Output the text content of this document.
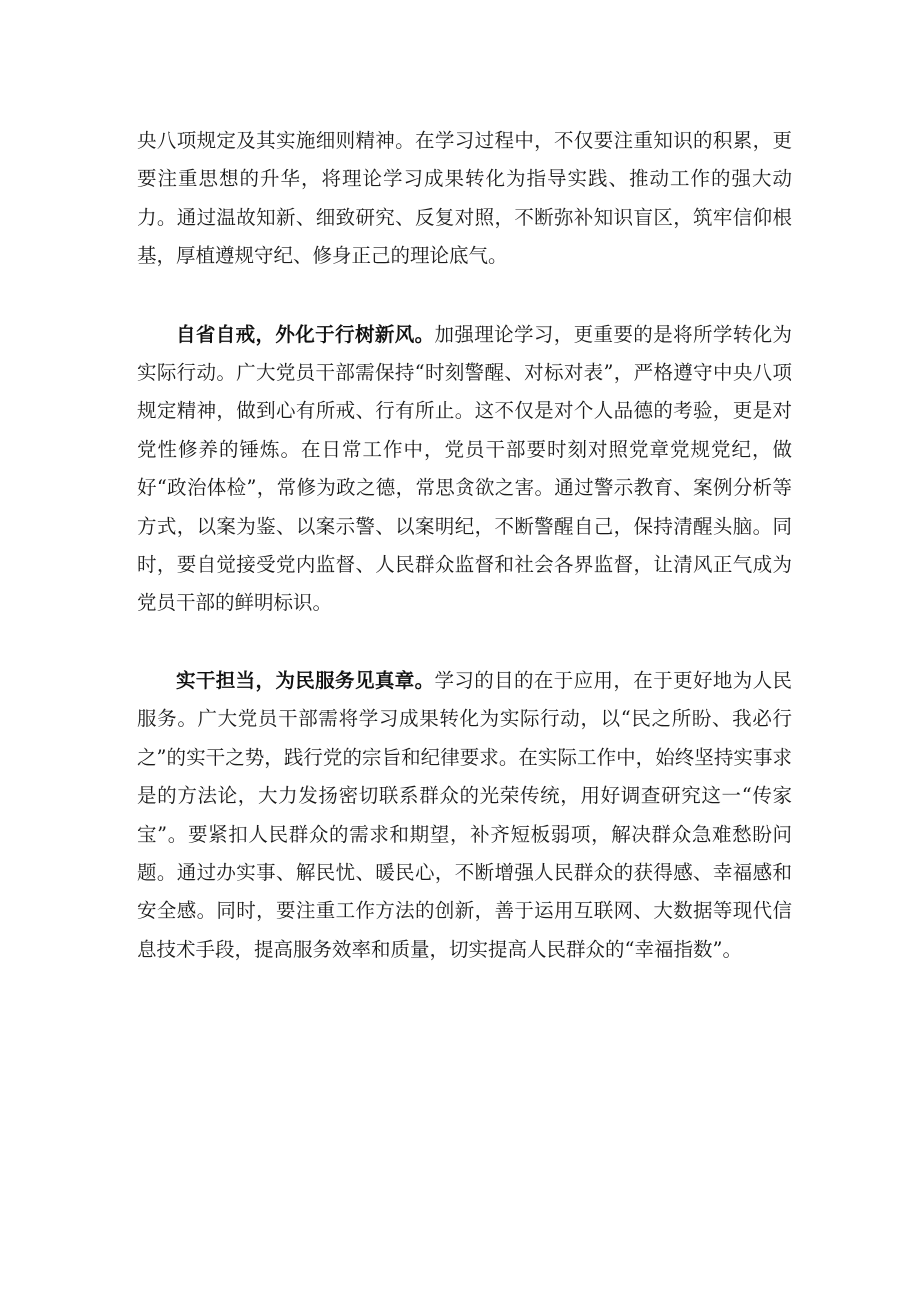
央八项规定及其实施细则精神。在学习过程中，不仅要注重知识的积累，更要注重思想的升华，将理论学习成果转化为指导实践、推动工作的强大动力。通过温故知新、细致研究、反复对照，不断弥补知识盲区，筑牢信仰根基，厚植遵规守纪、修身正己的理论底气。

自省自戒，外化于行树新风。加强理论学习，更重要的是将所学转化为实际行动。广大党员干部需保持“时刻警醒、对标对表”，严格遵守中央八项规定精神，做到心有所戒、行有所止。这不仅是对个人品德的考验，更是对党性修养的锤炼。在日常工作中，党员干部要时刻对照党章党规党纪，做好“政治体检”，常修为政之德，常思贪欲之害。通过警示教育、案例分析等方式，以案为鉴、以案示警、以案明纪，不断警醒自己，保持清醒头脑。同时，要自觉接受党内监督、人民群众监督和社会各界监督，让清风正气成为党员干部的鲜明标识。

实干担当，为民服务见真章。学习的目的在于应用，在于更好地为人民服务。广大党员干部需将学习成果转化为实际行动，以“民之所盼、我必行之”的实干之势，践行党的宗旨和纪律要求。在实际工作中，始终坚持实事求是的方法论，大力发扬密切联系群众的光荣传统，用好调查研究这一“传家宝”。要紧扣人民群众的需求和期望，补齐短板弱项，解决群众急难愁盼问题。通过办实事、解民忧、暖民心，不断增强人民群众的获得感、幸福感和安全感。同时，要注重工作方法的创新，善于运用互联网、大数据等现代信息技术手段，提高服务效率和质量，切实提高人民群众的“幸福指数”。
